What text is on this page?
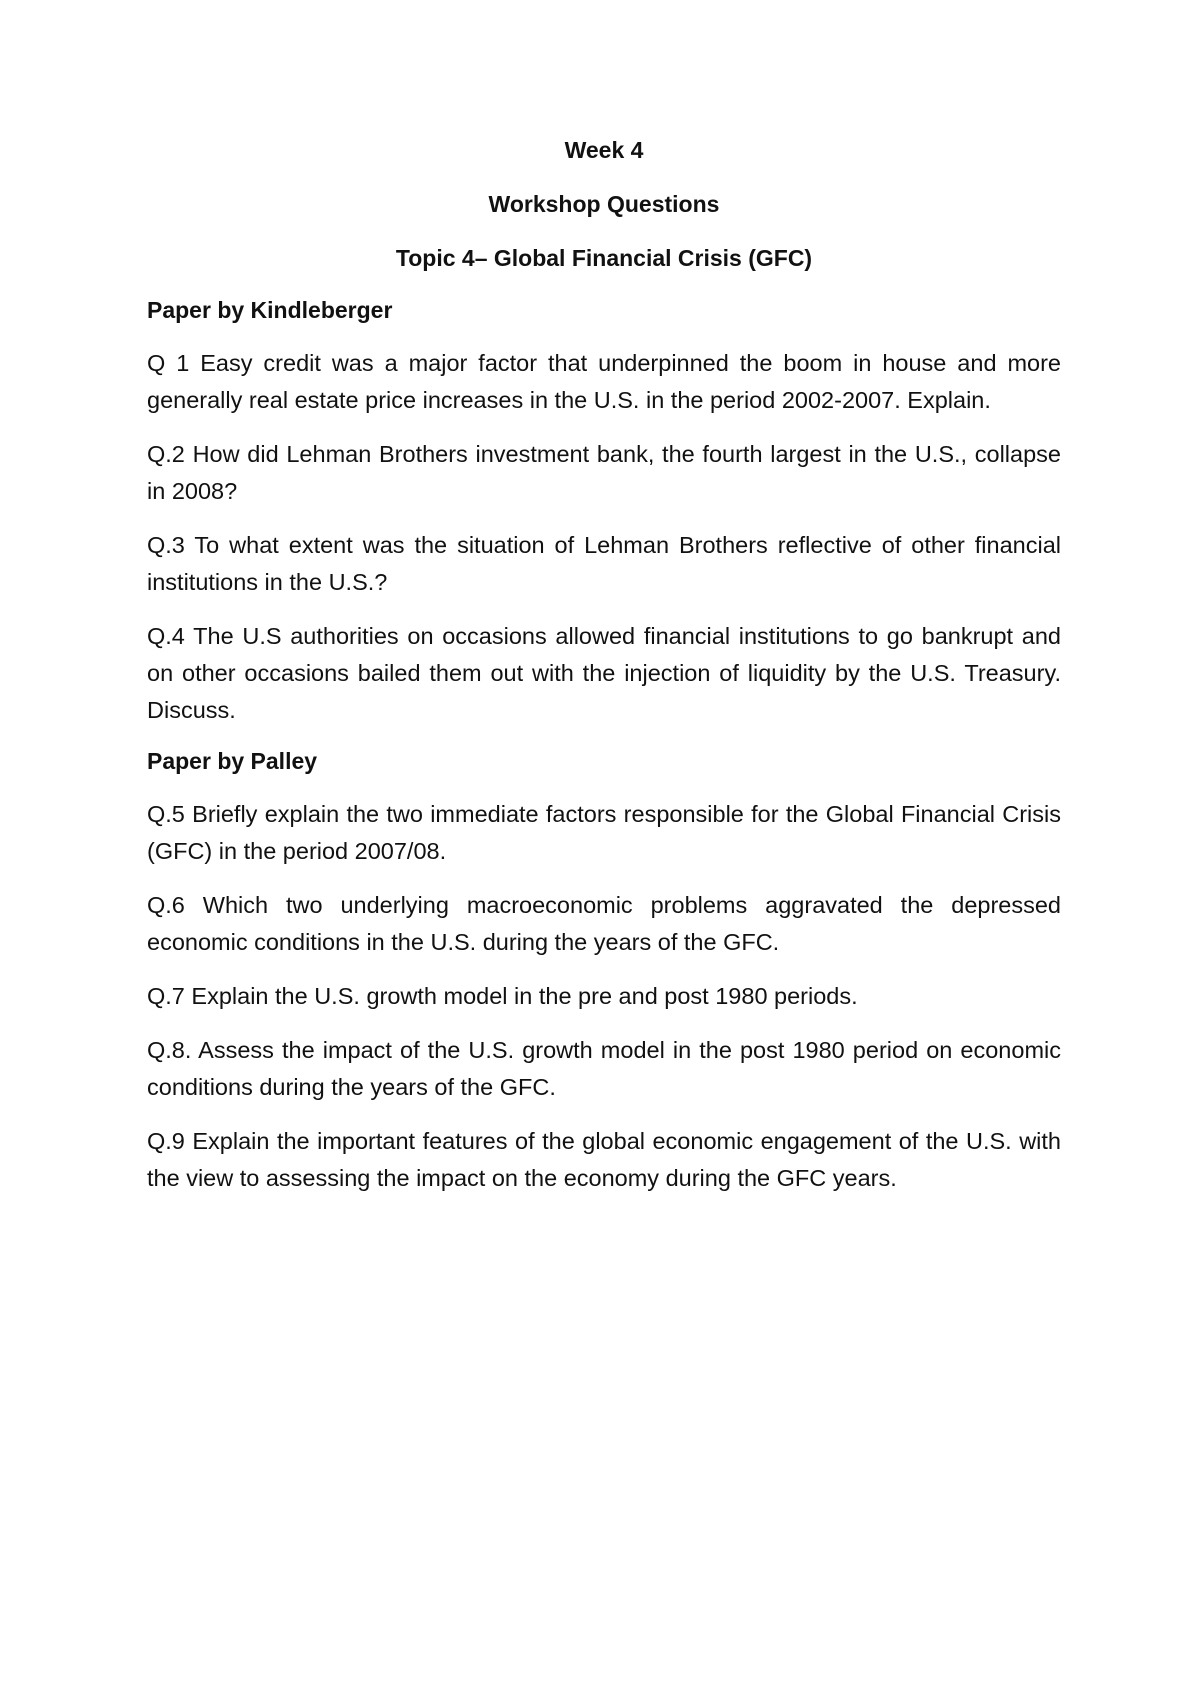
Week 4
Workshop Questions
Topic 4– Global Financial Crisis (GFC)
Paper by Kindleberger

Q 1 Easy credit was a major factor that underpinned the boom in house and more generally real estate price increases in the U.S. in the period 2002-2007. Explain.

Q.2 How did Lehman Brothers investment bank, the fourth largest in the U.S., collapse in 2008?

Q.3 To what extent was the situation of Lehman Brothers reflective of other financial institutions in the U.S.?

Q.4 The U.S authorities on occasions allowed financial institutions to go bankrupt and on other occasions bailed them out with the injection of liquidity by the U.S. Treasury. Discuss.

Paper by Palley

Q.5 Briefly explain the two immediate factors responsible for the Global Financial Crisis (GFC) in the period 2007/08.

Q.6 Which two underlying macroeconomic problems aggravated the depressed economic conditions in the U.S. during the years of the GFC.

Q.7 Explain the U.S. growth model in the pre and post 1980 periods.

Q.8. Assess the impact of the U.S. growth model in the post 1980 period on economic conditions during the years of the GFC.

Q.9 Explain the important features of the global economic engagement of the U.S. with the view to assessing the impact on the economy during the GFC years.
